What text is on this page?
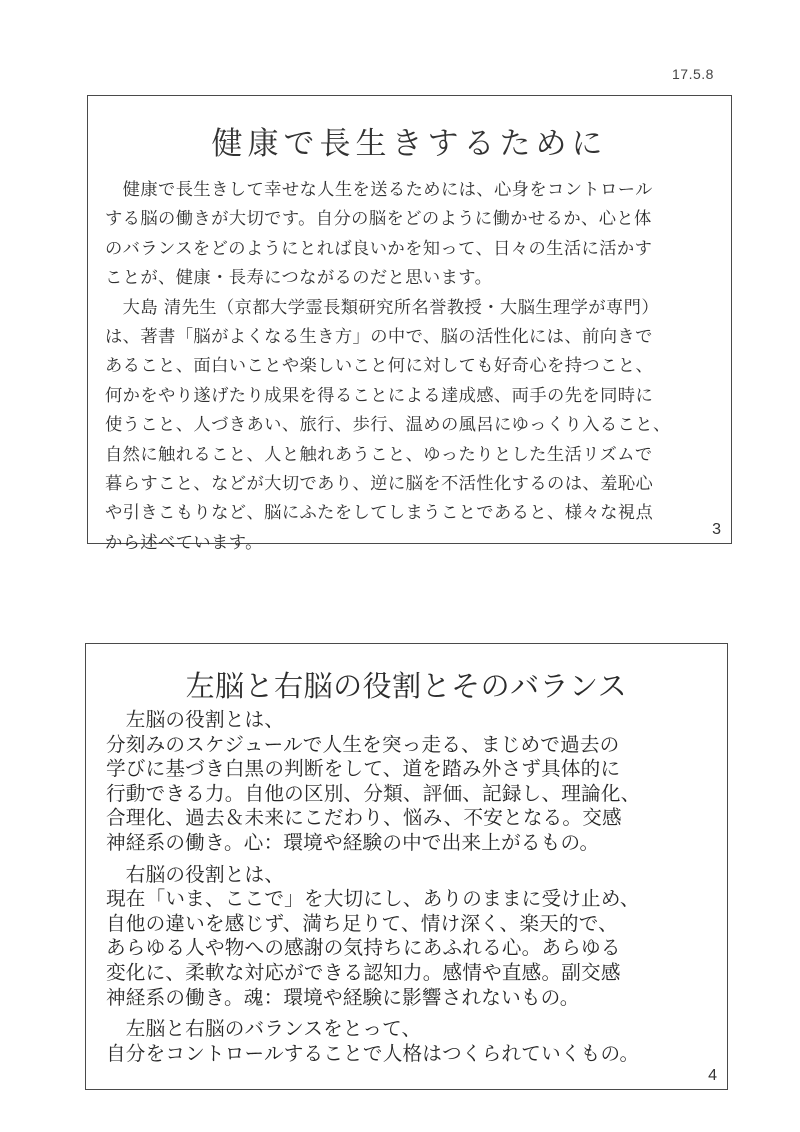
17.5.8
健康で長生きするために
　健康で長生きして幸せな人生を送るためには、心身をコントロール
する脳の働きが大切です。自分の脳をどのように働かせるか、心と体
のバランスをどのようにとれば良いかを知って、日々の生活に活かす
ことが、健康・長寿につながるのだと思います。
　大島 清先生（京都大学霊長類研究所名誉教授・大脳生理学が専門）
は、著書「脳がよくなる生き方」の中で、脳の活性化には、前向きで
あること、面白いことや楽しいこと何に対しても好奇心を持つこと、
何かをやり遂げたり成果を得ることによる達成感、両手の先を同時に
使うこと、人づきあい、旅行、歩行、温めの風呂にゆっくり入ること、
自然に触れること、人と触れあうこと、ゆったりとした生活リズムで
暮らすこと、などが大切であり、逆に脳を不活性化するのは、羞恥心
や引きこもりなど、脳にふたをしてしまうことであると、様々な視点
から述べています。
3
左脳と右脳の役割とそのバランス
　左脳の役割とは、
分刻みのスケジュールで人生を突っ走る、まじめで過去の
学びに基づき白黒の判断をして、道を踏み外さず具体的に
行動できる力。自他の区別、分類、評価、記録し、理論化、
合理化、過去＆未来にこだわり、悩み、不安となる。交感
神経系の働き。心：環境や経験の中で出来上がるもの。
　右脳の役割とは、
現在「いま、ここで」を大切にし、ありのままに受け止め、
自他の違いを感じず、満ち足りて、情け深く、楽天的で、
あらゆる人や物への感謝の気持ちにあふれる心。あらゆる
変化に、柔軟な対応ができる認知力。感情や直感。副交感
神経系の働き。魂：環境や経験に影響されないもの。
　左脳と右脳のバランスをとって、
自分をコントロールすることで人格はつくられていくもの。
4
